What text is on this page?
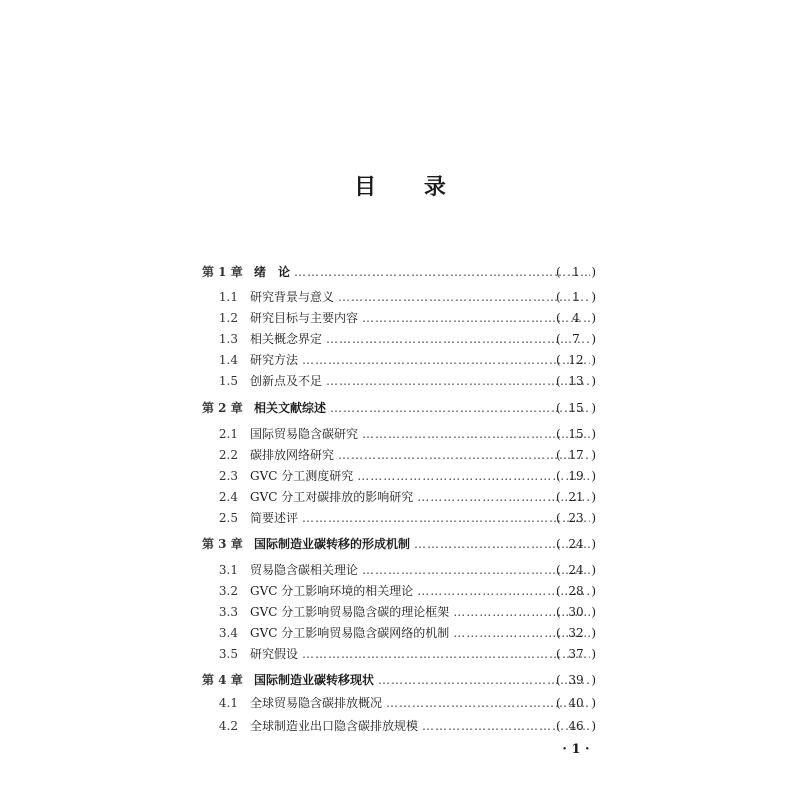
目 录
第 1 章 绪　论 …………………………………………………………………………………………………………………………………………………………	( 1 )
1.1 研究背景与意义 …………………………………………………………………………………………………………………………………………………………	( 1 )
1.2 研究目标与主要内容 …………………………………………………………………………………………………………………………………………………………	( 4 )
1.3 相关概念界定 …………………………………………………………………………………………………………………………………………………………	( 7 )
1.4 研究方法 …………………………………………………………………………………………………………………………………………………………	( 12 )
1.5 创新点及不足 …………………………………………………………………………………………………………………………………………………………	( 13 )
第 2 章 相关文献综述 …………………………………………………………………………………………………………………………………………………………	( 15 )
2.1 国际贸易隐含碳研究 …………………………………………………………………………………………………………………………………………………………	( 15 )
2.2 碳排放网络研究 …………………………………………………………………………………………………………………………………………………………	( 17 )
2.3 GVC 分工测度研究 …………………………………………………………………………………………………………………………………………………………	( 19 )
2.4 GVC 分工对碳排放的影响研究 …………………………………………………………………………………………………………………………………………………………	( 21 )
2.5 简要述评 …………………………………………………………………………………………………………………………………………………………	( 23 )
第 3 章 国际制造业碳转移的形成机制 …………………………………………………………………………………………………………………………………………………………	( 24 )
3.1 贸易隐含碳相关理论 …………………………………………………………………………………………………………………………………………………………	( 24 )
3.2 GVC 分工影响环境的相关理论 …………………………………………………………………………………………………………………………………………………………	( 28 )
3.3 GVC 分工影响贸易隐含碳的理论框架 …………………………………………………………………………………………………………………………………………………………	( 30 )
3.4 GVC 分工影响贸易隐含碳网络的机制 …………………………………………………………………………………………………………………………………………………………	( 32 )
3.5 研究假设 …………………………………………………………………………………………………………………………………………………………	( 37 )
第 4 章 国际制造业碳转移现状 …………………………………………………………………………………………………………………………………………………………	( 39 )
4.1 全球贸易隐含碳排放概况 …………………………………………………………………………………………………………………………………………………………	( 40 )
4.2 全球制造业出口隐含碳排放规模 …………………………………………………………………………………………………………………………………………………………	( 46 )
· 1 ·
